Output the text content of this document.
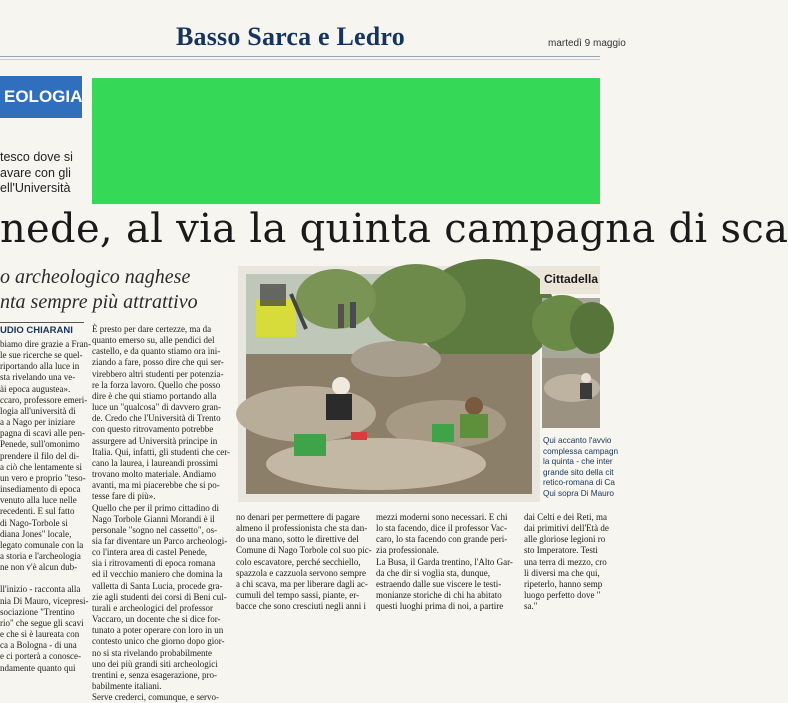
Basso Sarca e Ledro	martedì 9 maggio
EOLOGIA
tesco dove si
avare con gli
ell'Università
nede, al via la quinta campagna di sca
o archeologico naghese
nta sempre più attrattivo
UDIO CHIARANI
biamo dire grazie a Fran-
le sue ricerche se quel-
riportando alla luce in
sta rivelando una ve-
ài epoca augustea».
ccaro, professore emeri-
logia all'università di
a a Nago per iniziare
pagna di scavi alle pen-
Penede, sull'omonimo
prendere il filo del di-
a ciò che lentamente si
un vero e proprio "teso-
insediamento di epoca
venuto alla luce nelle
recedenti. E sul fatto
di Nago-Torbole si
diana Jones" locale,
legato comunale con la
a storia e l'archeologia
ne non v'è alcun dub-

ll'inizio - racconta alla
nia Di Mauro, vicepresi-
sociazione "Trentino
rio" che segue gli scavi
e che si è laureata con
ca a Bologna - di una
e ci porterà a conosce-
ndamente quanto qui
È presto per dare certezze, ma da
quanto emerso su, alle pendici del
castello, e da quanto stiamo ora ini-
ziando a fare, posso dire che qui ser-
virebbero altri studenti per potenzia-
re la forza lavoro. Quello che posso
dire è che qui stiamo portando alla
luce un "qualcosa" di davvero gran-
de. Credo che l'Università di Trento
con questo ritrovamento potrebbe
assurgere ad Università principe in
Italia. Qui, infatti, gli studenti che cer-
cano la laurea, i laureandi prossimi
trovano molto materiale. Andiamo
avanti, ma mi piacerebbe che si po-
tesse fare di più».
Quello che per il primo cittadino di
Nago Torbole Gianni Morandi è il
personale "sogno nel cassetto", os-
sia far diventare un Parco archeologi-
co l'intera area di castel Penede,
sia i ritrovamenti di epoca romana
ed il vecchio maniero che domina la
valletta di Santa Lucia, procede gra-
zie agli studenti dei corsi di Beni cul-
turali e archeologici del professor
Vaccaro, un docente che si dice for-
tunato a poter operare con loro in un
contesto unico che giorno dopo gior-
no si sta rivelando probabilmente
uno dei più grandi siti archeologici
trentini e, senza esagerazione, pro-
babilmente italiani.
Serve crederci, comunque, e servo-
Cittadella
Qui accanto l'avvio
complessa campagn
la quinta - che inter
grande sito della cit
retico-romana di Ca
Qui sopra Di Mauro
no denari per permettere di pagare
almeno il professionista che sta dan-
do una mano, sotto le direttive del
Comune di Nago Torbole col suo pic-
colo escavatore, perché secchiello,
spazzola e cazzuola servono sempre
a chi scava, ma per liberare dagli ac-
cumuli del tempo sassi, piante, er-
bacce che sono cresciuti negli anni i
mezzi moderni sono necessari. E chi
lo sta facendo, dice il professor Vac-
caro, lo sta facendo con grande peri-
zia professionale.
La Busa, il Garda trentino, l'Alto Gar-
da che dir si voglia sta, dunque,
estraendo dalle sue viscere le testi-
monianze storiche di chi ha abitato
questi luoghi prima di noi, a partire
dai Celti e dei Reti, ma
dai primitivi dell'Età de
alle gloriose legioni ro
sto Imperatore. Testi
una terra di mezzo, cro
li diversi ma che qui,
ripeterlo, hanno semp
luogo perfetto dove "
sa."
